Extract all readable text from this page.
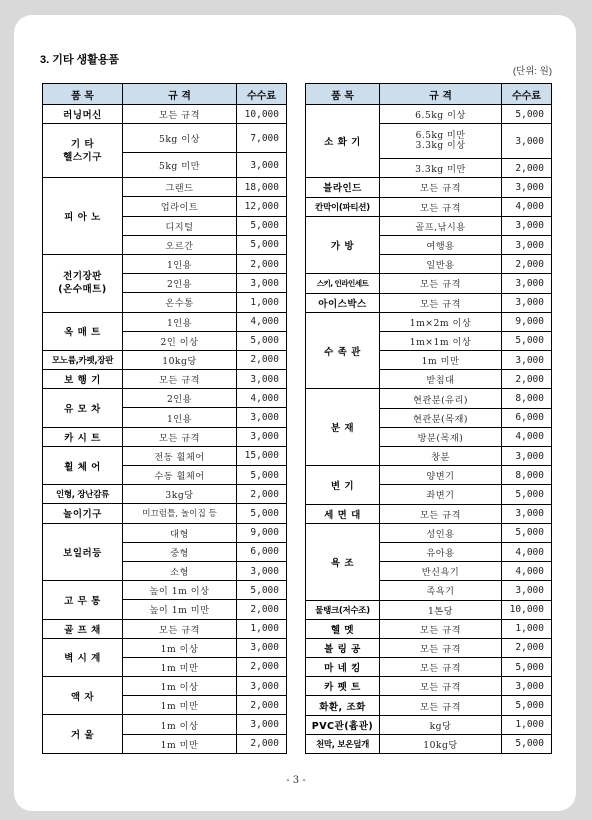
3. 기타 생활용품
(단위: 원)
품 목	규 격	수수료
러닝머신	모든 규격	10,000
기 타
헬스기구	5kg 이상	7,000
	5kg 미만	3,000
피 아 노	그랜드	18,000
	업라이트	12,000
	디지털	5,000
	오르간	5,000
전기장판
(온수매트)	1인용	2,000
	2인용	3,000
	온수통	1,000
옥 매 트	1인용	4,000
	2인 이상	5,000
모노륨,카펫,장판	10kg당	2,000
보 행 기	모든 규격	3,000
유 모 차	2인용	4,000
	1인용	3,000
카 시 트	모든 규격	3,000
휠 체 어	전동 휠체어	15,000
	수동 휠체어	5,000
인형, 장난감류	3kg당	2,000
놀이기구	미끄럼틀, 놀이집 등	5,000
보일러등	대형	9,000
	중형	6,000
	소형	3,000
고 무 통	높이 1m 이상	5,000
	높이 1m 미만	2,000
골 프 채	모든 규격	1,000
벽 시 계	1m 이상	3,000
	1m 미만	2,000
액 자	1m 이상	3,000
	1m 미만	2,000
거 울	1m 이상	3,000
	1m 미만	2,000
품 목	규 격	수수료
소 화 기	6.5kg 이상	5,000
	6.5kg 미만
3.3kg 이상	3,000
	3.3kg 미만	2,000
블라인드	모든 규격	3,000
칸막이(파티션)	모든 규격	4,000
가 방	골프,낚시용	3,000
	여행용	3,000
	일반용	2,000
스키, 인라인세트	모든 규격	3,000
아이스박스	모든 규격	3,000
수 족 관	1m×2m 이상	9,000
	1m×1m 이상	5,000
	1m 미만	3,000
	받침대	2,000
분 재	현관분(유리)	8,000
	현관분(목재)	6,000
	방분(목재)	4,000
	창분	3,000
변 기	양변기	8,000
	좌변기	5,000
세 면 대	모든 규격	3,000
욕 조	성인용	5,000
	유아용	4,000
	반신욕기	4,000
	족욕기	3,000
물탱크(저수조)	1톤당	10,000
헬 멧	모든 규격	1,000
볼 링 공	모든 규격	2,000
마 네 킹	모든 규격	5,000
카 펫 트	모든 규격	3,000
화환, 조화	모든 규격	5,000
PVC관(흄관)	kg당	1,000
천막, 보온덮개	10kg당	5,000
- 3 -
